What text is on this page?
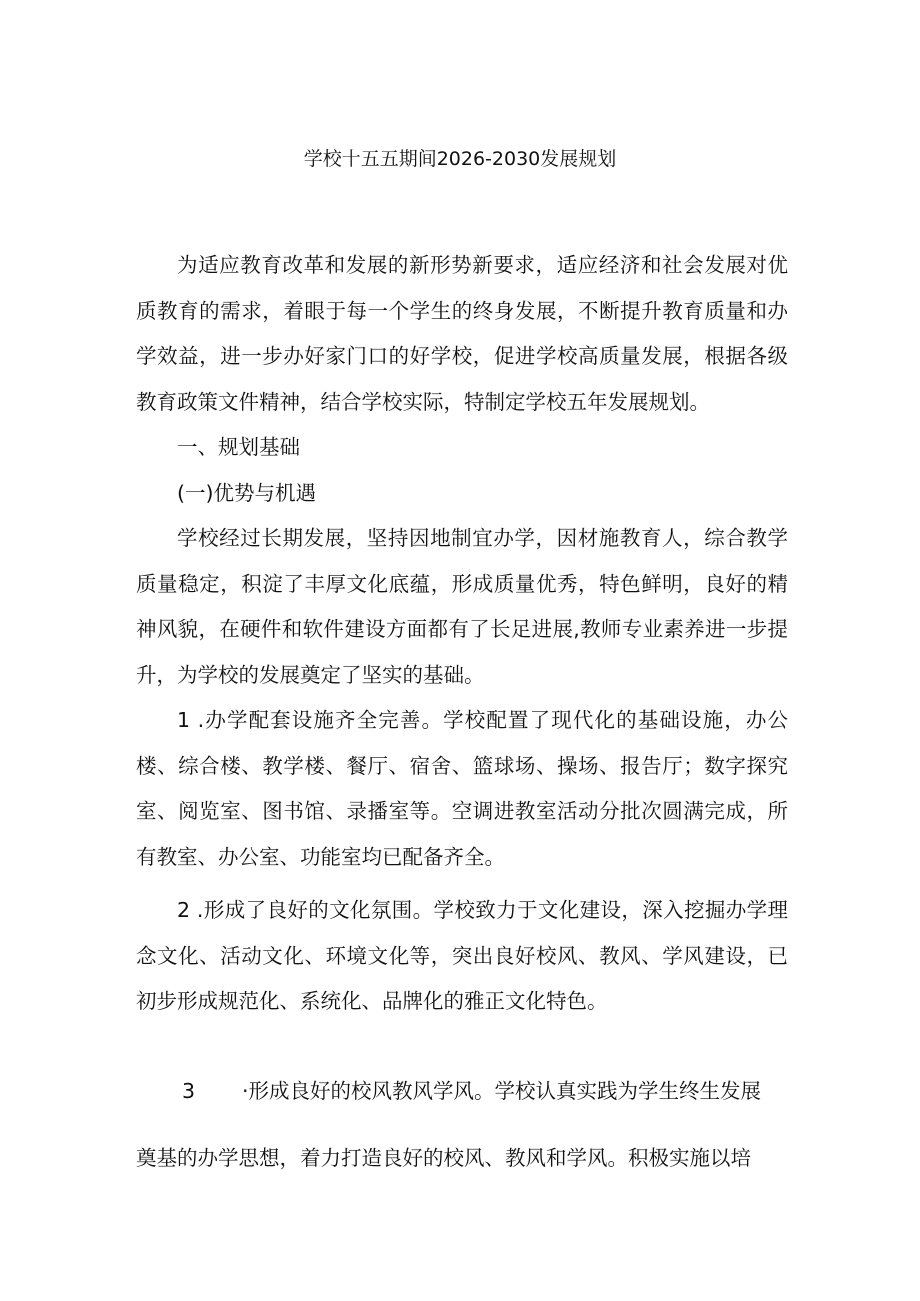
学校十五五期间2026-2030发展规划

为适应教育改革和发展的新形势新要求，适应经济和社会发展对优质教育的需求，着眼于每一个学生的终身发展，不断提升教育质量和办学效益，进一步办好家门口的好学校，促进学校高质量发展，根据各级教育政策文件精神，结合学校实际，特制定学校五年发展规划。

一、规划基础

(一)优势与机遇

学校经过长期发展，坚持因地制宜办学，因材施教育人，综合教学质量稳定，积淀了丰厚文化底蕴，形成质量优秀，特色鲜明，良好的精神风貌，在硬件和软件建设方面都有了长足进展,教师专业素养进一步提升，为学校的发展奠定了坚实的基础。

1 .办学配套设施齐全完善。学校配置了现代化的基础设施，办公楼、综合楼、教学楼、餐厅、宿舍、篮球场、操场、报告厅；数字探究室、阅览室、图书馆、录播室等。空调进教室活动分批次圆满完成，所有教室、办公室、功能室均已配备齐全。

2 .形成了良好的文化氛围。学校致力于文化建设，深入挖掘办学理念文化、活动文化、环境文化等，突出良好校风、教风、学风建设，已初步形成规范化、系统化、品牌化的雅正文化特色。

3	·形成良好的校风教风学风。学校认真实践为学生终生发展
奠基的办学思想，着力打造良好的校风、教风和学风。积极实施以培
